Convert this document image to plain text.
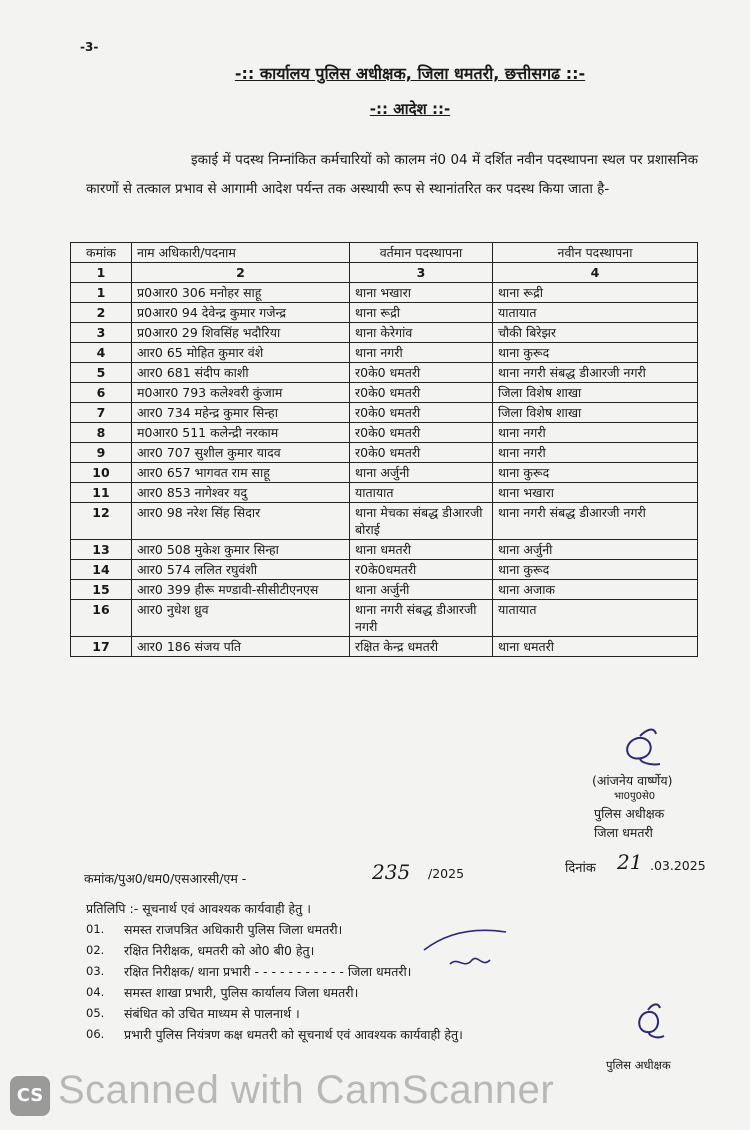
-3-
-:: कार्यालय पुलिस अधीक्षक, जिला धमतरी, छत्तीसगढ ::-
-:: आदेश ::-
इकाई में पदस्थ निम्नांकित कर्मचारियों को कालम नं0 04 में दर्शित नवीन पदस्थापना स्थल पर प्रशासनिक कारणों से तत्काल प्रभाव से आगामी आदेश पर्यन्त तक अस्थायी रूप से स्थानांतरित कर पदस्थ किया जाता है-
कमांक	नाम अधिकारी/पदनाम	वर्तमान पदस्थापना	नवीन पदस्थापना
1	2	3	4
1	प्र0आर0 306 मनोहर साहू	थाना भखारा	थाना रूद्री
2	प्र0आर0 94 देवेन्द्र कुमार गजेन्द्र	थाना रूद्री	यातायात
3	प्र0आर0 29 शिवसिंह भदौरिया	थाना केरेगांव	चौकी बिरेझर
4	आर0 65 मोहित कुमार वंशे	थाना नगरी	थाना कुरूद
5	आर0 681 संदीप काशी	र0के0 धमतरी	थाना नगरी संबद्ध डीआरजी नगरी
6	म0आर0 793 कलेश्वरी कुंजाम	र0के0 धमतरी	जिला विशेष शाखा
7	आर0 734 महेन्द्र कुमार सिन्हा	र0के0 धमतरी	जिला विशेष शाखा
8	म0आर0 511 कलेन्द्री नरकाम	र0के0 धमतरी	थाना नगरी
9	आर0 707 सुशील कुमार यादव	र0के0 धमतरी	थाना नगरी
10	आर0 657 भागवत राम साहू	थाना अर्जुनी	थाना कुरूद
11	आर0 853 नागेश्वर यदु	यातायात	थाना भखारा
12	आर0 98 नरेश सिंह सिदार	थाना मेचका संबद्ध डीआरजी बोराई	थाना नगरी संबद्ध डीआरजी नगरी
13	आर0 508 मुकेश कुमार सिन्हा	थाना धमतरी	थाना अर्जुनी
14	आर0 574 ललित रघुवंशी	र0के0धमतरी	थाना कुरूद
15	आर0 399 हीरू मण्डावी-सीसीटीएनएस	थाना अर्जुनी	थाना अजाक
16	आर0 नुधेश ध्रुव	थाना नगरी संबद्ध डीआरजी नगरी	यातायात
17	आर0 186 संजय पति	रक्षित केन्द्र धमतरी	थाना धमतरी
(आंजनेय वार्ष्णेय)
भा0पु0से0
पुलिस अधीक्षक
जिला धमतरी
कमांक/पुअ0/धम0/एसआरसी/एम -	235 /2025	दिनांक 21 .03.2025
प्रतिलिपि :- सूचनार्थ एवं आवश्यक कार्यवाही हेतु ।
01.	समस्त राजपत्रित अधिकारी पुलिस जिला धमतरी।
02.	रक्षित निरीक्षक, धमतरी को ओ0 बी0 हेतु।
03.	रक्षित निरीक्षक/ थाना प्रभारी - - - - - - - - - - - जिला धमतरी।
04.	समस्त शाखा प्रभारी, पुलिस कार्यालय जिला धमतरी।
05.	संबंधित को उचित माध्यम से पालनार्थ ।
06.	प्रभारी पुलिस नियंत्रण कक्ष धमतरी को सूचनार्थ एवं आवश्यक कार्यवाही हेतु।
पुलिस अधीक्षक
CS Scanned with CamScanner
